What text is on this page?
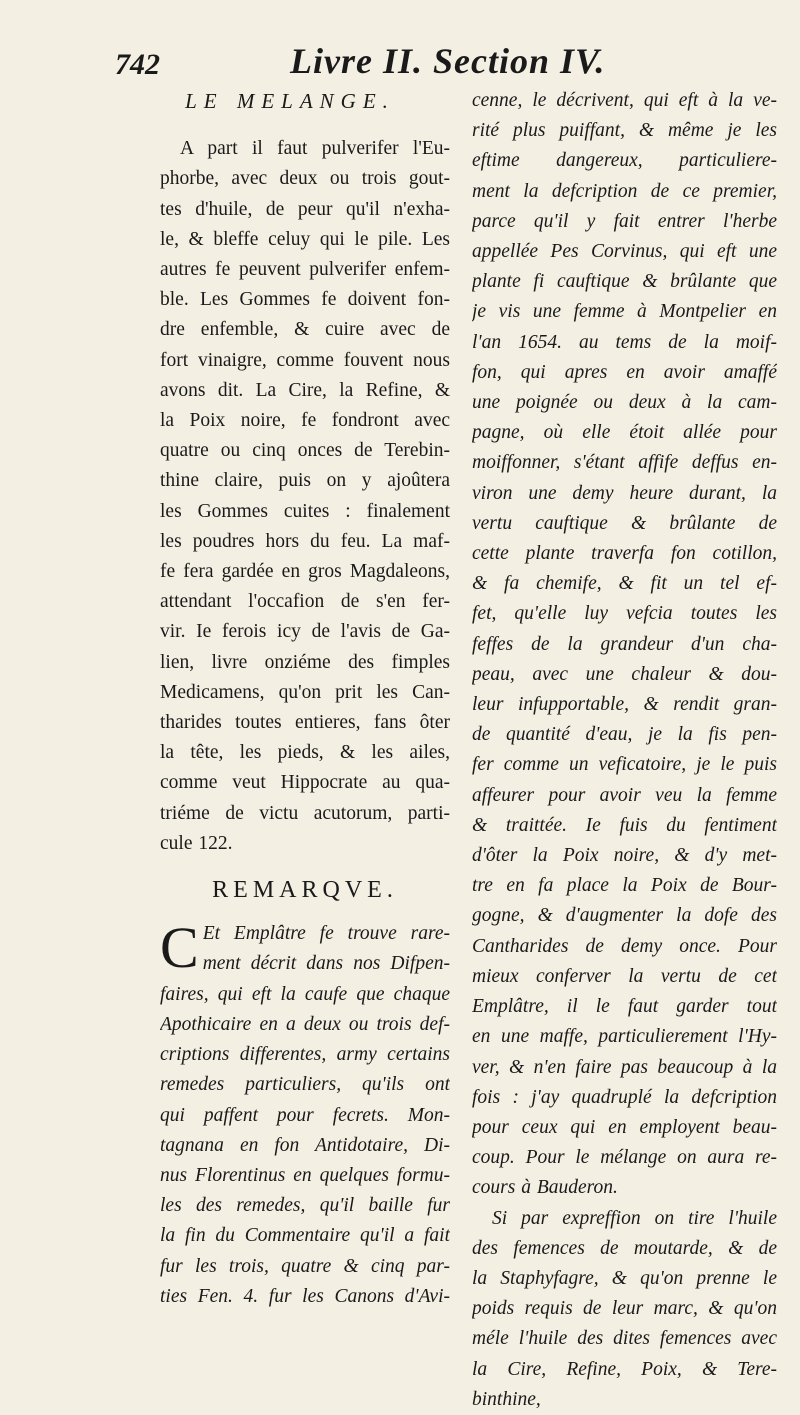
742	Livre II. Section IV.
LE MELANGE.
A part il faut pulverifer l'Eu-
phorbe, avec deux ou trois gout-
tes d'huile, de peur qu'il n'exha-
le, & bleffe celuy qui le pile. Les
autres fe peuvent pulverifer enfem-
ble. Les Gommes fe doivent fon-
dre enfemble, & cuire avec de
fort vinaigre, comme fouvent nous
avons dit. La Cire, la Refine, &
la Poix noire, fe fondront avec
quatre ou cinq onces de Terebin-
thine claire, puis on y ajoûtera
les Gommes cuites : finalement
les poudres hors du feu. La maf-
fe fera gardée en gros Magdaleons,
attendant l'occafion de s'en fer-
vir. Ie ferois icy de l'avis de Ga-
lien, livre onziéme des fimples
Medicamens, qu'on prit les Can-
tharides toutes entieres, fans ôter
la tête, les pieds, & les ailes,
comme veut Hippocrate au qua-
triéme de victu acutorum, parti-
cule 122.
REMARQVE.
C Et Emplâtre fe trouve rare-
ment décrit dans nos Difpen-
faires, qui eft la caufe que chaque
Apothicaire en a deux ou trois def-
criptions differentes, army certains
remedes particuliers, qu'ils ont
qui paffent pour fecrets. Mon-
tagnana en fon Antidotaire, Di-
nus Florentinus en quelques formu-
les des remedes, qu'il baille fur
la fin du Commentaire qu'il a fait
fur les trois, quatre & cinq par-
ties Fen. 4. fur les Canons d'Avi-
cenne, le décrivent, qui eft à la ve-
rité plus puiffant, & même je les
eftime dangereux, particuliere-
ment la defcription de ce premier,
parce qu'il y fait entrer l'herbe
appellée Pes Corvinus, qui eft une
plante fi cauftique & brûlante que
je vis une femme à Montpelier en
l'an 1654. au tems de la moif-
fon, qui apres en avoir amaffé
une poignée ou deux à la cam-
pagne, où elle étoit allée pour
moiffonner, s'étant affife deffus en-
viron une demy heure durant, la
vertu cauftique & brûlante de
cette plante traverfa fon cotillon,
& fa chemife, & fit un tel ef-
fet, qu'elle luy vefcia toutes les
feffes de la grandeur d'un cha-
peau, avec une chaleur & dou-
leur infupportable, & rendit gran-
de quantité d'eau, je la fis pen-
fer comme un veficatoire, je le puis
affeurer pour avoir veu la femme
& traittée. Ie fuis du fentiment
d'ôter la Poix noire, & d'y met-
tre en fa place la Poix de Bour-
gogne, & d'augmenter la dofe des
Cantharides de demy once. Pour
mieux conferver la vertu de cet
Emplâtre, il le faut garder tout
en une maffe, particulierement l'Hy-
ver, & n'en faire pas beaucoup à la
fois : j'ay quadruplé la defcription
pour ceux qui en employent beau-
coup. Pour le mélange on aura re-
cours à Bauderon.
Si par expreffion on tire l'huile
des femences de moutarde, & de
la Staphyfagre, & qu'on prenne le
poids requis de leur marc, & qu'on
méle l'huile des dites femences avec
la Cire, Refine, Poix, & Tere-
binthine,
